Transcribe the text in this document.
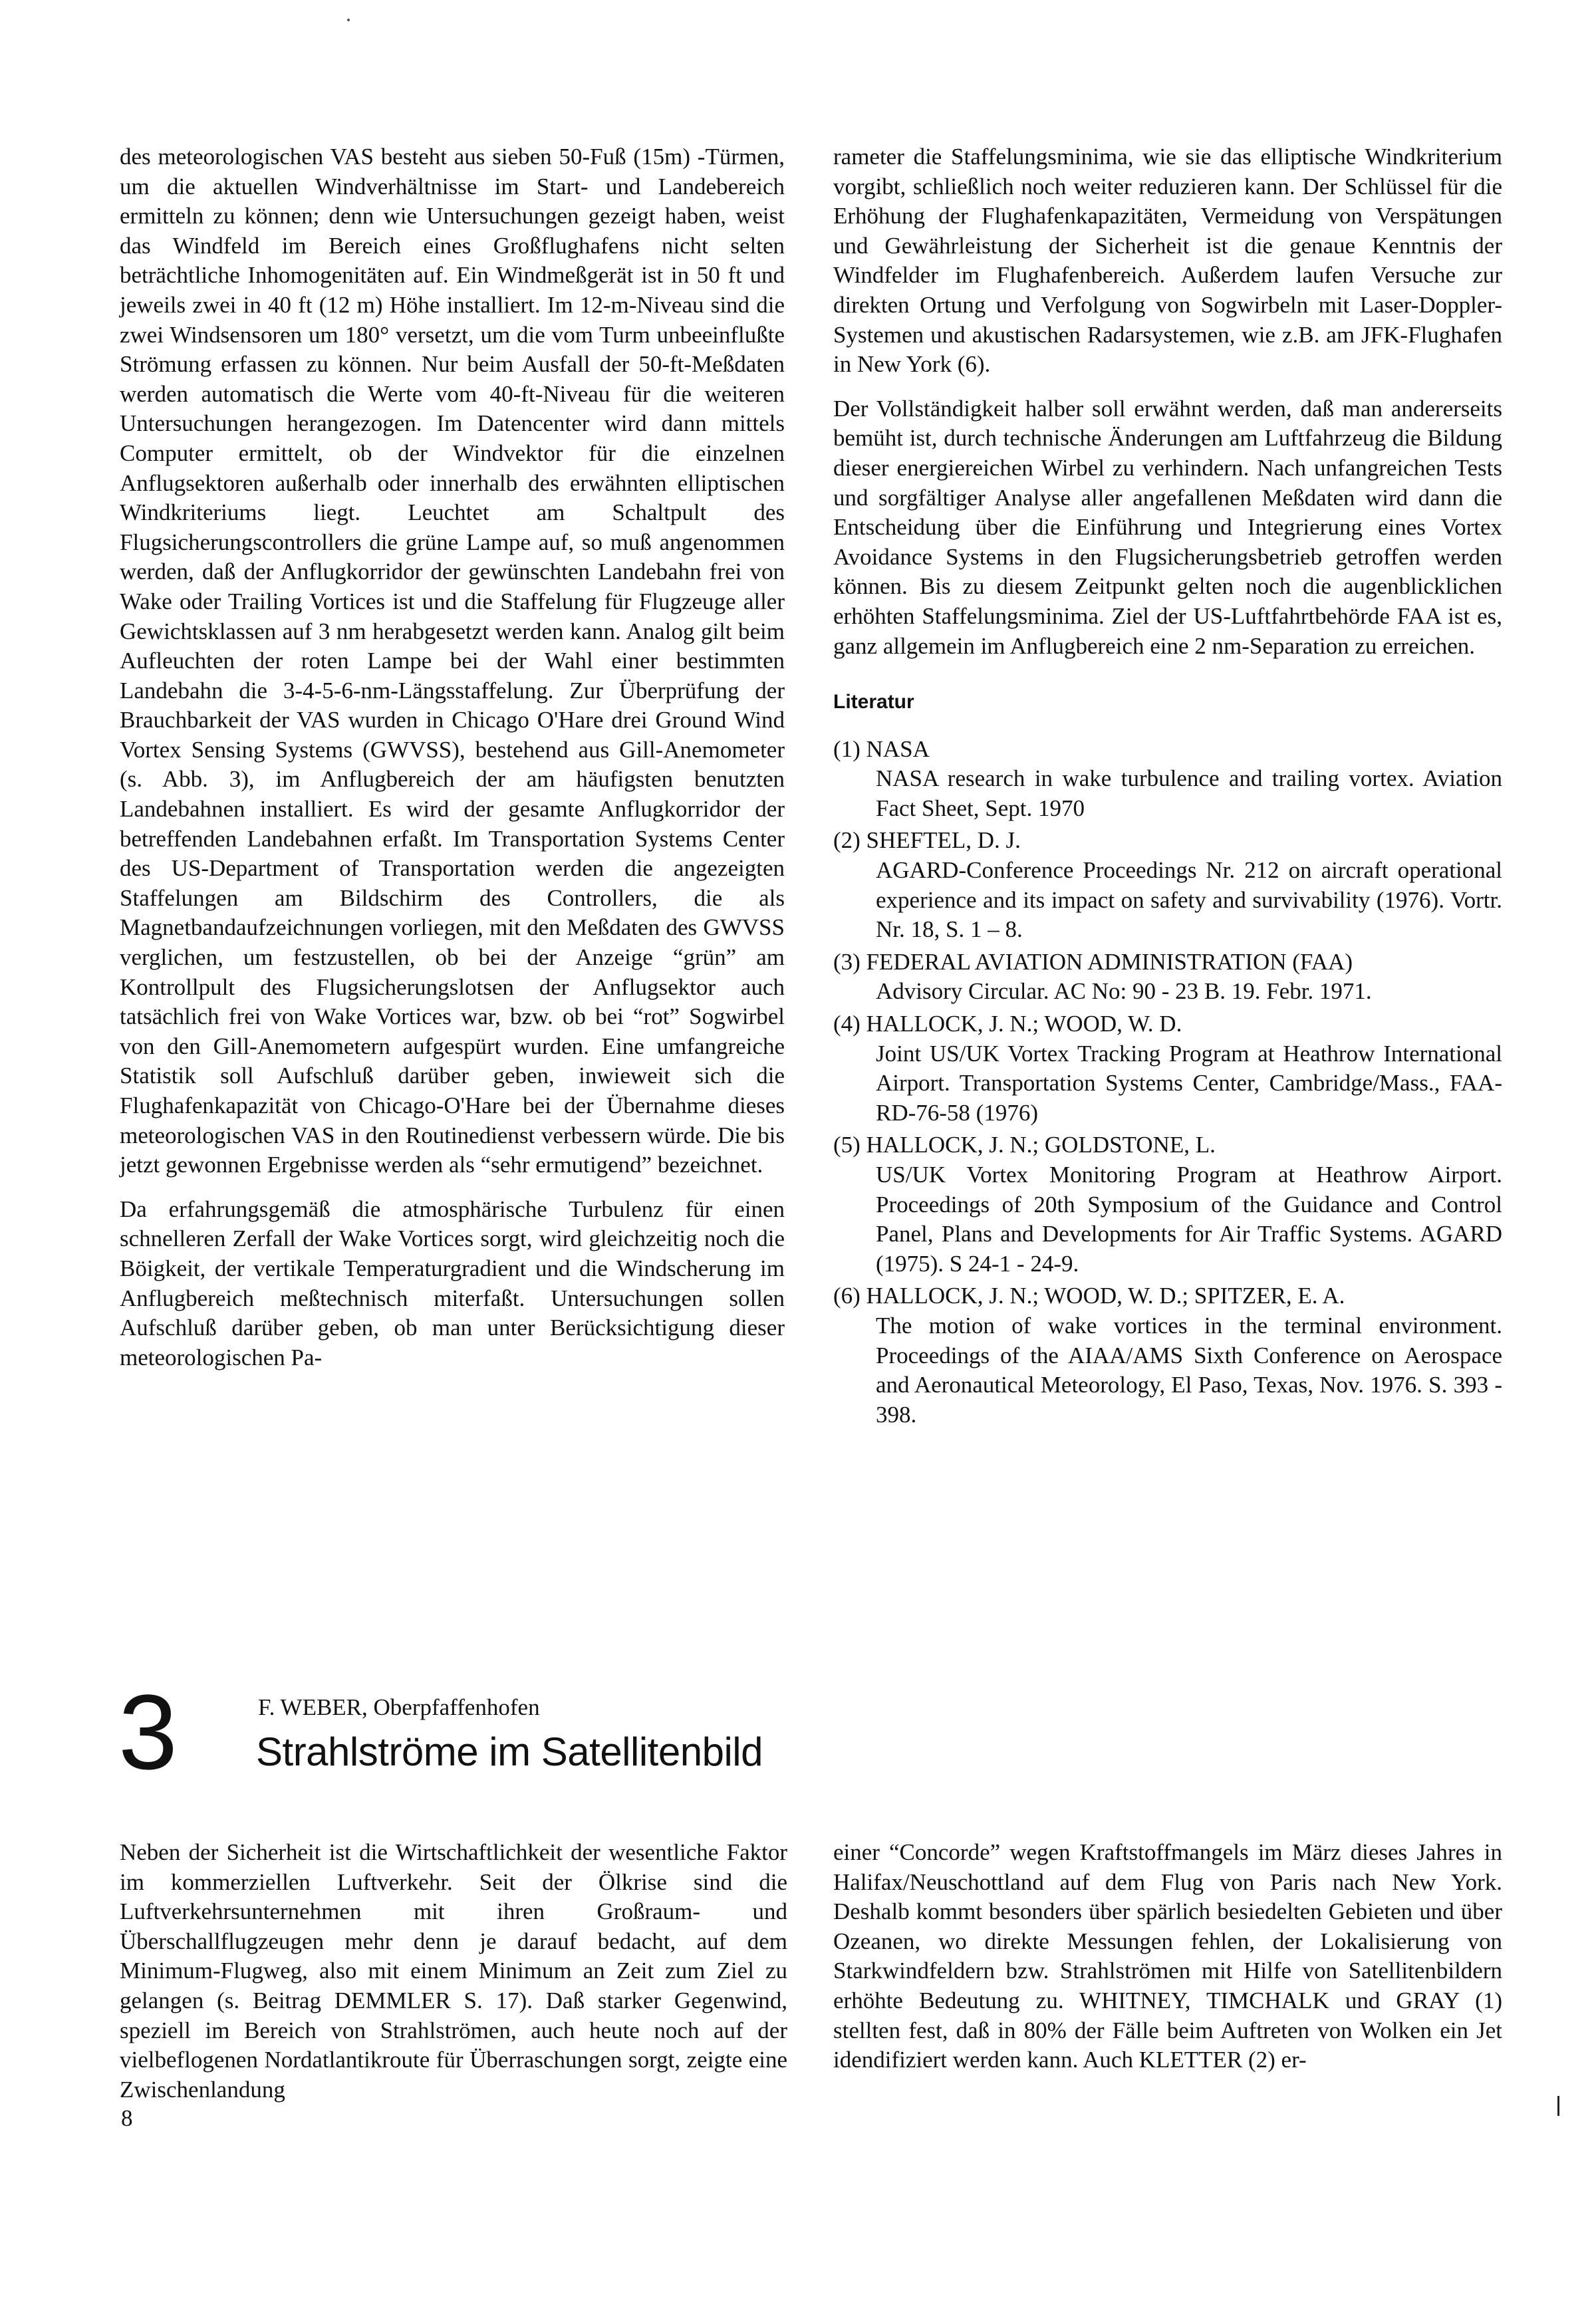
des meteorologischen VAS besteht aus sieben 50-Fuß (15m) -Türmen, um die aktuellen Windverhältnisse im Start- und Landebereich ermitteln zu können; denn wie Untersuchungen gezeigt haben, weist das Windfeld im Bereich eines Großflughafens nicht selten beträchtliche Inhomogenitäten auf. Ein Windmeßgerät ist in 50 ft und jeweils zwei in 40 ft (12 m) Höhe installiert. Im 12-m-Niveau sind die zwei Windsensoren um 180° versetzt, um die vom Turm unbeeinflußte Strömung erfassen zu können. Nur beim Ausfall der 50-ft-Meßdaten werden automatisch die Werte vom 40-ft-Niveau für die weiteren Untersuchungen herangezogen. Im Datencenter wird dann mittels Computer ermittelt, ob der Windvektor für die einzelnen Anflugsektoren außerhalb oder innerhalb des erwähnten elliptischen Windkriteriums liegt. Leuchtet am Schaltpult des Flugsicherungscontrollers die grüne Lampe auf, so muß angenommen werden, daß der Anflugkorridor der gewünschten Landebahn frei von Wake oder Trailing Vortices ist und die Staffelung für Flugzeuge aller Gewichtsklassen auf 3 nm herabgesetzt werden kann. Analog gilt beim Aufleuchten der roten Lampe bei der Wahl einer bestimmten Landebahn die 3-4-5-6-nm-Längsstaffelung. Zur Überprüfung der Brauchbarkeit der VAS wurden in Chicago O'Hare drei Ground Wind Vortex Sensing Systems (GWVSS), bestehend aus Gill-Anemometer (s. Abb. 3), im Anflugbereich der am häufigsten benutzten Landebahnen installiert. Es wird der gesamte Anflugkorridor der betreffenden Landebahnen erfaßt. Im Transportation Systems Center des US-Department of Transportation werden die angezeigten Staffelungen am Bildschirm des Controllers, die als Magnetbandaufzeichnungen vorliegen, mit den Meßdaten des GWVSS verglichen, um festzustellen, ob bei der Anzeige “grün” am Kontrollpult des Flugsicherungslotsen der Anflugsektor auch tatsächlich frei von Wake Vortices war, bzw. ob bei “rot” Sogwirbel von den Gill-Anemometern aufgespürt wurden. Eine umfangreiche Statistik soll Aufschluß darüber geben, inwieweit sich die Flughafenkapazität von Chicago-O'Hare bei der Übernahme dieses meteorologischen VAS in den Routinedienst verbessern würde. Die bis jetzt gewonnen Ergebnisse werden als “sehr ermutigend” bezeichnet.

Da erfahrungsgemäß die atmosphärische Turbulenz für einen schnelleren Zerfall der Wake Vortices sorgt, wird gleichzeitig noch die Böigkeit, der vertikale Temperaturgradient und die Windscherung im Anflugbereich meßtechnisch miterfaßt. Untersuchungen sollen Aufschluß darüber geben, ob man unter Berücksichtigung dieser meteorologischen Pa-

rameter die Staffelungsminima, wie sie das elliptische Windkriterium vorgibt, schließlich noch weiter reduzieren kann. Der Schlüssel für die Erhöhung der Flughafenkapazitäten, Vermeidung von Verspätungen und Gewährleistung der Sicherheit ist die genaue Kenntnis der Windfelder im Flughafenbereich. Außerdem laufen Versuche zur direkten Ortung und Verfolgung von Sogwirbeln mit Laser-Doppler-Systemen und akustischen Radarsystemen, wie z.B. am JFK-Flughafen in New York (6).

Der Vollständigkeit halber soll erwähnt werden, daß man andererseits bemüht ist, durch technische Änderungen am Luftfahrzeug die Bildung dieser energiereichen Wirbel zu verhindern. Nach unfangreichen Tests und sorgfältiger Analyse aller angefallenen Meßdaten wird dann die Entscheidung über die Einführung und Integrierung eines Vortex Avoidance Systems in den Flugsicherungsbetrieb getroffen werden können. Bis zu diesem Zeitpunkt gelten noch die augenblicklichen erhöhten Staffelungsminima. Ziel der US-Luftfahrtbehörde FAA ist es, ganz allgemein im Anflugbereich eine 2 nm-Separation zu erreichen.

Literatur

(1) NASA
NASA research in wake turbulence and trailing vortex. Aviation Fact Sheet, Sept. 1970

(2) SHEFTEL, D. J.
AGARD-Conference Proceedings Nr. 212 on aircraft operational experience and its impact on safety and survivability (1976). Vortr. Nr. 18, S. 1 – 8.

(3) FEDERAL AVIATION ADMINISTRATION (FAA)
Advisory Circular. AC No: 90 - 23 B. 19. Febr. 1971.

(4) HALLOCK, J. N.; WOOD, W. D.
Joint US/UK Vortex Tracking Program at Heathrow International Airport. Transportation Systems Center, Cambridge/Mass., FAA-RD-76-58 (1976)

(5) HALLOCK, J. N.; GOLDSTONE, L.
US/UK Vortex Monitoring Program at Heathrow Airport. Proceedings of 20th Symposium of the Guidance and Control Panel, Plans and Developments for Air Traffic Systems. AGARD (1975). S 24-1 - 24-9.

(6) HALLOCK, J. N.; WOOD, W. D.; SPITZER, E. A.
The motion of wake vortices in the terminal environment. Proceedings of the AIAA/AMS Sixth Conference on Aerospace and Aeronautical Meteorology, El Paso, Texas, Nov. 1976. S. 393 - 398.

3	F. WEBER, Oberpfaffenhofen
Strahlströme im Satellitenbild

Neben der Sicherheit ist die Wirtschaftlichkeit der wesentliche Faktor im kommerziellen Luftverkehr. Seit der Ölkrise sind die Luftverkehrsunternehmen mit ihren Großraum- und Überschallflugzeugen mehr denn je darauf bedacht, auf dem Minimum-Flugweg, also mit einem Minimum an Zeit zum Ziel zu gelangen (s. Beitrag DEMMLER S. 17). Daß starker Gegenwind, speziell im Bereich von Strahlströmen, auch heute noch auf der vielbeflogenen Nordatlantikroute für Überraschungen sorgt, zeigte eine Zwischenlandung

einer “Concorde” wegen Kraftstoffmangels im März dieses Jahres in Halifax/Neuschottland auf dem Flug von Paris nach New York. Deshalb kommt besonders über spärlich besiedelten Gebieten und über Ozeanen, wo direkte Messungen fehlen, der Lokalisierung von Starkwindfeldern bzw. Strahlströmen mit Hilfe von Satellitenbildern erhöhte Bedeutung zu. WHITNEY, TIMCHALK und GRAY (1) stellten fest, daß in 80% der Fälle beim Auftreten von Wolken ein Jet idendifiziert werden kann. Auch KLETTER (2) er-

8
